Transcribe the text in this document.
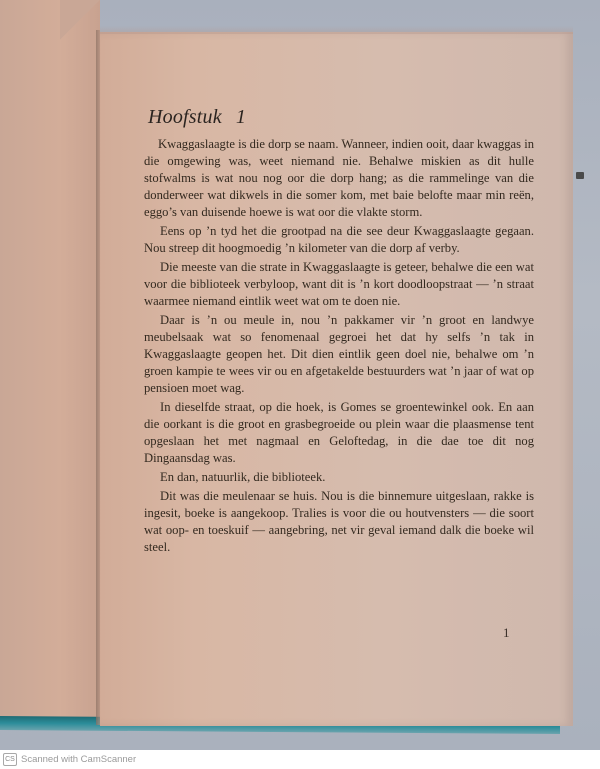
Hoofstuk 1

Kwaggaslaagte is die dorp se naam. Wanneer, indien ooit, daar kwaggas in die omgewing was, weet niemand nie. Behalwe miskien as dit hulle stofwalms is wat nou nog oor die dorp hang; as die rammelinge van die donderweer wat dikwels in die somer kom, met baie belofte maar min reën, eggo’s van duisende hoewe is wat oor die vlakte storm.

Eens op ’n tyd het die grootpad na die see deur Kwaggaslaagte gegaan. Nou streep dit hoogmoedig ’n kilometer van die dorp af verby.

Die meeste van die strate in Kwaggaslaagte is geteer, behalwe die een wat voor die biblioteek verbyloop, want dit is ’n kort doodloopstraat — ’n straat waarmee niemand eintlik weet wat om te doen nie.

Daar is ’n ou meule in, nou ’n pakkamer vir ’n groot en landwye meubelsaak wat so fenomenaal gegroei het dat hy selfs ’n tak in Kwaggaslaagte geopen het. Dit dien eintlik geen doel nie, behalwe om ’n groen kampie te wees vir ou en afgetakelde bestuurders wat ’n jaar of wat op pensioen moet wag.

In dieselfde straat, op die hoek, is Gomes se groentewinkel ook. En aan die oorkant is die groot en grasbegroeide ou plein waar die plaasmense tent opgeslaan het met nagmaal en Geloftedag, in die dae toe dit nog Dingaansdag was.

En dan, natuurlik, die biblioteek.

Dit was die meulenaar se huis. Nou is die binnemure uitgeslaan, rakke is ingesit, boeke is aangekoop. Tralies is voor die ou houtvensters — die soort wat oop- en toeskuif — aangebring, net vir geval iemand dalk die boeke wil steel.

1
CS Scanned with CamScanner
